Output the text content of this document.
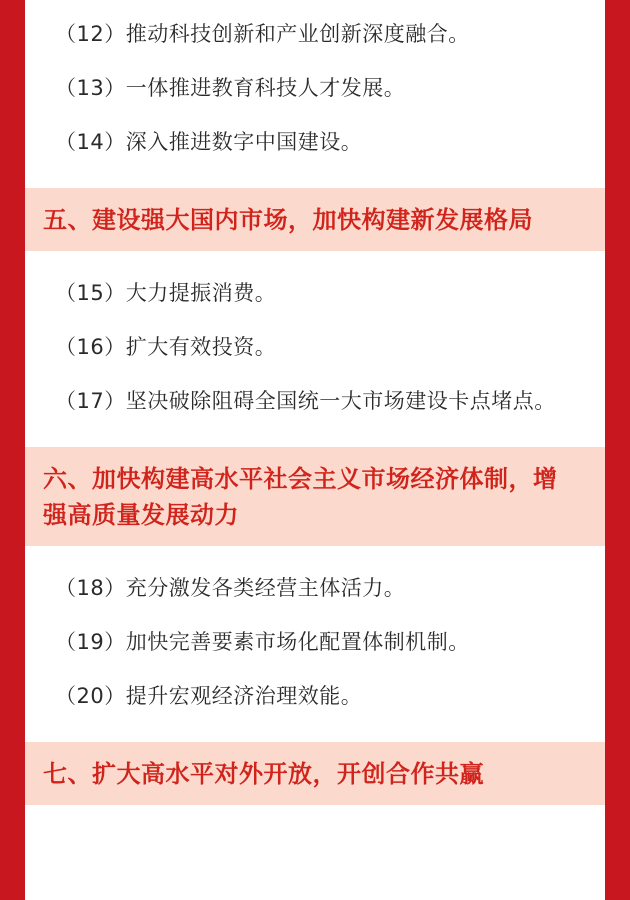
（12）推动科技创新和产业创新深度融合。
（13）一体推进教育科技人才发展。
（14）深入推进数字中国建设。
五、建设强大国内市场，加快构建新发展格局
（15）大力提振消费。
（16）扩大有效投资。
（17）坚决破除阻碍全国统一大市场建设卡点堵点。
六、加快构建高水平社会主义市场经济体制，增强高质量发展动力
（18）充分激发各类经营主体活力。
（19）加快完善要素市场化配置体制机制。
（20）提升宏观经济治理效能。
七、扩大高水平对外开放，开创合作共赢
